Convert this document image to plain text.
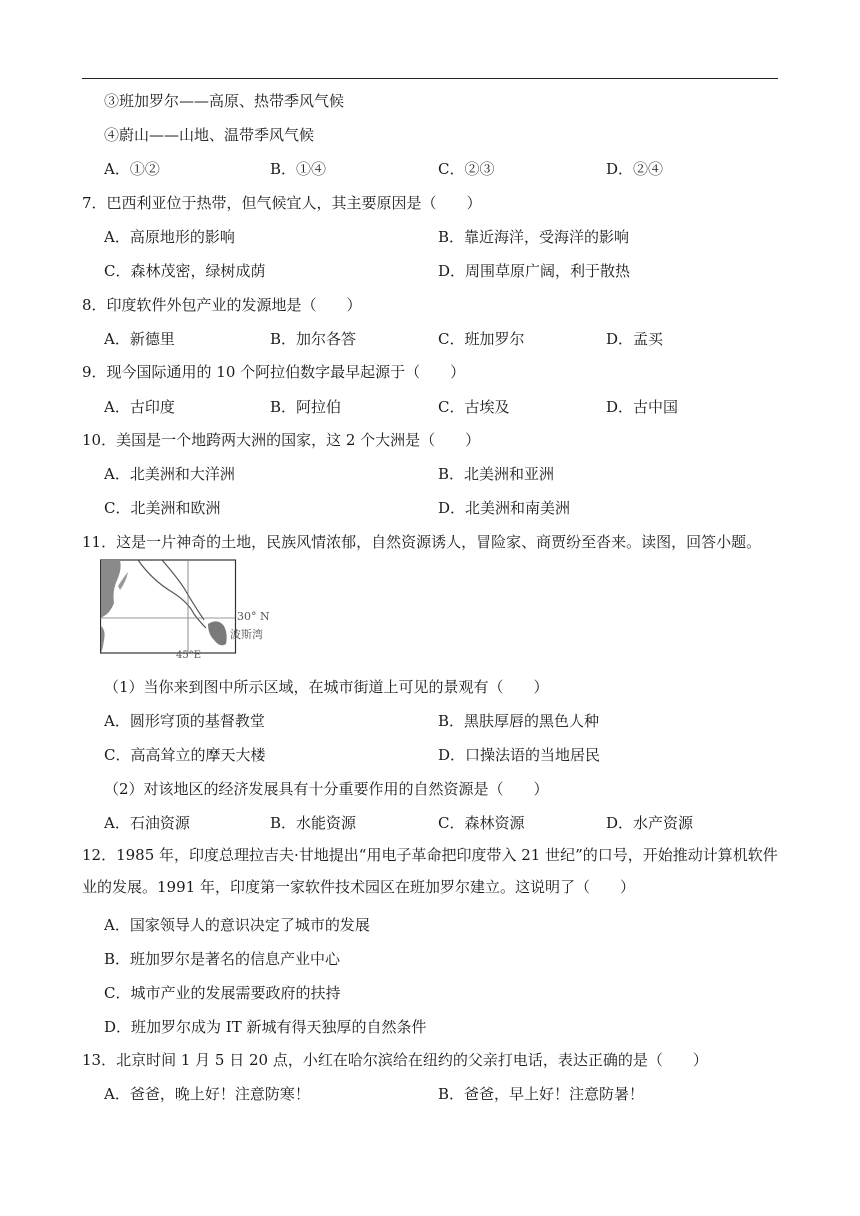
③班加罗尔——高原、热带季风气候
④蔚山——山地、温带季风气候
A．①②	B．①④	C．②③	D．②④
7．巴西利亚位于热带，但气候宜人，其主要原因是（　　）
A．高原地形的影响	B．靠近海洋，受海洋的影响
C．森林茂密，绿树成荫	D．周围草原广阔，利于散热
8．印度软件外包产业的发源地是（　　）
A．新德里	B．加尔各答	C．班加罗尔	D．孟买
9．现今国际通用的 10 个阿拉伯数字最早起源于（　　）
A．古印度	B．阿拉伯	C．古埃及	D．古中国
10．美国是一个地跨两大洲的国家，这 2 个大洲是（　　）
A．北美洲和大洋洲	B．北美洲和亚洲
C．北美洲和欧洲	D．北美洲和南美洲
11．这是一片神奇的土地，民族风情浓郁，自然资源诱人，冒险家、商贾纷至沓来。读图，回答小题。
30° N
波斯湾
45°E
（1）当你来到图中所示区域，在城市街道上可见的景观有（　　）
A．圆形穹顶的基督教堂	B．黑肤厚唇的黑色人种
C．高高耸立的摩天大楼	D．口操法语的当地居民
（2）对该地区的经济发展具有十分重要作用的自然资源是（　　）
A．石油资源	B．水能资源	C．森林资源	D．水产资源
12．1985 年，印度总理拉吉夫·甘地提出“用电子革命把印度带入 21 世纪”的口号，开始推动计算机软件业的发展。1991 年，印度第一家软件技术园区在班加罗尔建立。这说明了（　　）
A．国家领导人的意识决定了城市的发展
B．班加罗尔是著名的信息产业中心
C．城市产业的发展需要政府的扶持
D．班加罗尔成为 IT 新城有得天独厚的自然条件
13．北京时间 1 月 5 日 20 点，小红在哈尔滨给在纽约的父亲打电话，表达正确的是（　　）
A．爸爸，晚上好！注意防寒！	B．爸爸，早上好！注意防暑！
